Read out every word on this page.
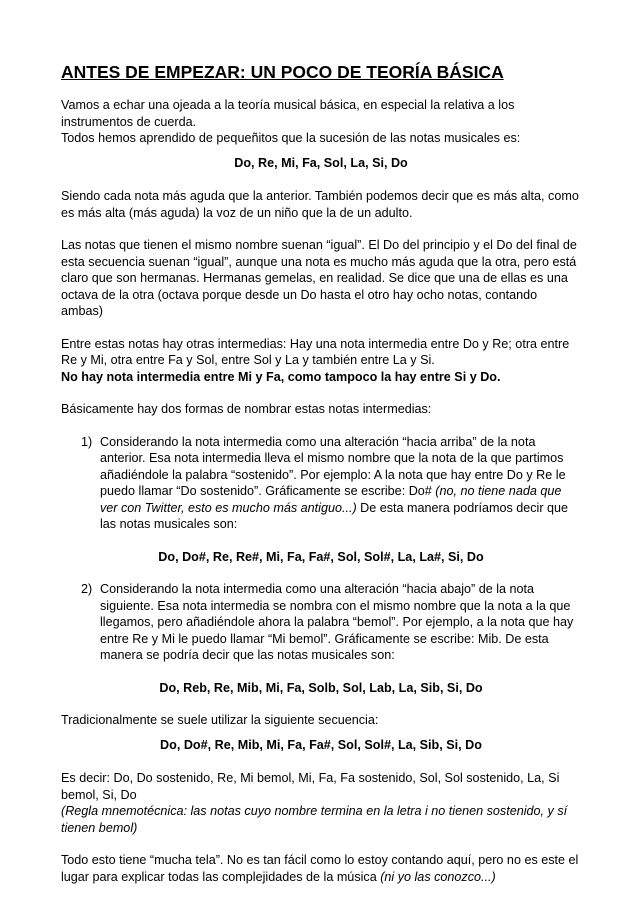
ANTES DE EMPEZAR: UN POCO DE TEORÍA BÁSICA

Vamos a echar una ojeada a la teoría musical básica, en especial la relativa a los instrumentos de cuerda.
Todos hemos aprendido de pequeñitos que la sucesión de las notas musicales es:

Do, Re, Mi, Fa, Sol, La, Si, Do

Siendo cada nota más aguda que la anterior. También podemos decir que es más alta, como es más alta (más aguda) la voz de un niño que la de un adulto.

Las notas que tienen el mismo nombre suenan “igual”. El Do del principio y el Do del final de esta secuencia suenan “igual”, aunque una nota es mucho más aguda que la otra, pero está claro que son hermanas. Hermanas gemelas, en realidad. Se dice que una de ellas es una octava de la otra (octava porque desde un Do hasta el otro hay ocho notas, contando ambas)

Entre estas notas hay otras intermedias: Hay una nota intermedia entre Do y Re; otra entre Re y Mi, otra entre Fa y Sol, entre Sol y La y también entre La y Si.
No hay nota intermedia entre Mi y Fa, como tampoco la hay entre Si y Do.

Básicamente hay dos formas de nombrar estas notas intermedias:

1) Considerando la nota intermedia como una alteración “hacia arriba” de la nota anterior. Esa nota intermedia lleva el mismo nombre que la nota de la que partimos añadiéndole la palabra “sostenido”. Por ejemplo: A la nota que hay entre Do y Re le puedo llamar “Do sostenido”. Gráficamente se escribe: Do# (no, no tiene nada que ver con Twitter, esto es mucho más antiguo...) De esta manera podríamos decir que las notas musicales son:

Do, Do#, Re, Re#, Mi, Fa, Fa#, Sol, Sol#, La, La#, Si, Do

2) Considerando la nota intermedia como una alteración “hacia abajo” de la nota siguiente. Esa nota intermedia se nombra con el mismo nombre que la nota a la que llegamos, pero añadiéndole ahora la palabra “bemol”. Por ejemplo, a la nota que hay entre Re y Mi le puedo llamar “Mi bemol”. Gráficamente se escribe: Mib. De esta manera se podría decir que las notas musicales son:

Do, Reb, Re, Mib, Mi, Fa, Solb, Sol, Lab, La, Sib, Si, Do

Tradicionalmente se suele utilizar la siguiente secuencia:

Do, Do#, Re, Mib, Mi, Fa, Fa#, Sol, Sol#, La, Sib, Si, Do

Es decir: Do, Do sostenido, Re, Mi bemol, Mi, Fa, Fa sostenido, Sol, Sol sostenido, La, Si bemol, Si, Do
(Regla mnemotécnica: las notas cuyo nombre termina en la letra i no tienen sostenido, y sí tienen bemol)

Todo esto tiene “mucha tela”. No es tan fácil como lo estoy contando aquí, pero no es este el lugar para explicar todas las complejidades de la música (ni yo las conozco...)
